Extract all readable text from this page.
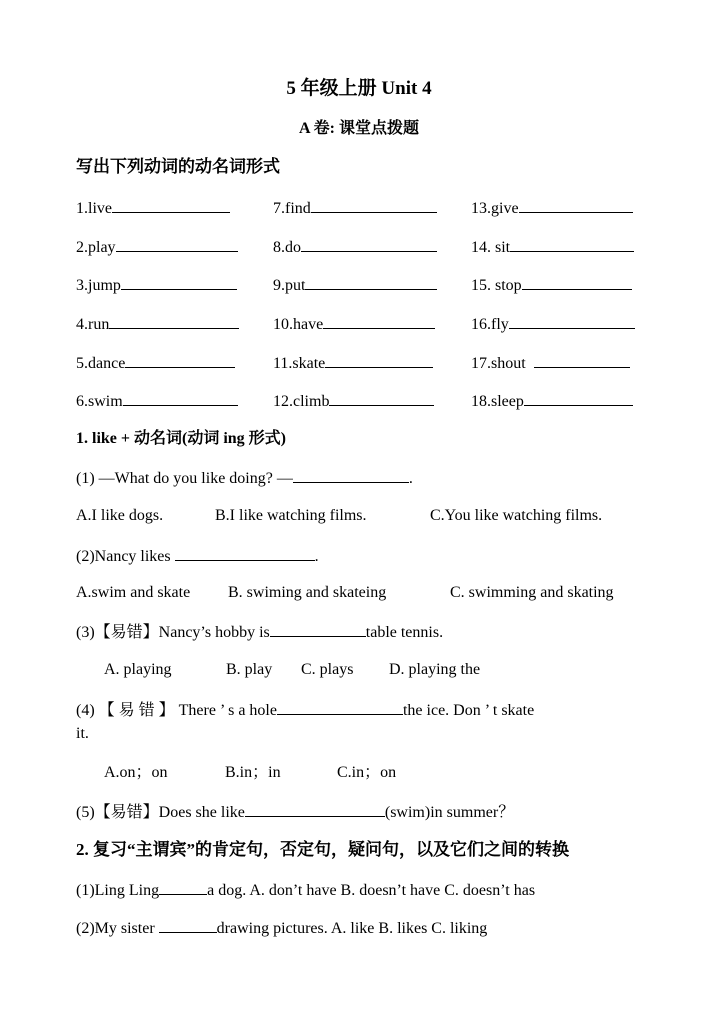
5 年级上册 Unit 4
A 卷: 课堂点拨题
写出下列动词的动名词形式
1.live	7.find	13.give
2.play	8.do	14. sit
3.jump	9.put	15. stop
4.run	10.have	16.fly
5.dance	11.skate	17.shout
6.swim	12.climb	18.sleep
1. like + 动名词(动词 ing 形式)
(1) —What do you like doing? —	.
A.I like dogs.	B.I like watching films.	C.You like watching films.
(2)Nancy likes	.
A.swim and skate B. swiming and skateing	C. swimming and skating
(3)【易错】Nancy’s hobby is	table tennis.
A. playing	B. play C. plays D. playing the
(4) 【 易 错 】 There ’ s a hole	the ice. Don ’ t skate
it.
A.on；on	B.in；in	C.in；on
(5)【易错】Does she like	(swim)in summer？
2. 复习“主谓宾”的肯定句，否定句，疑问句，以及它们之间的转换
(1)Ling Ling	a dog. A. don’t have B. doesn’t have C. doesn’t has
(2)My sister	drawing pictures. A. like B. likes C. liking
